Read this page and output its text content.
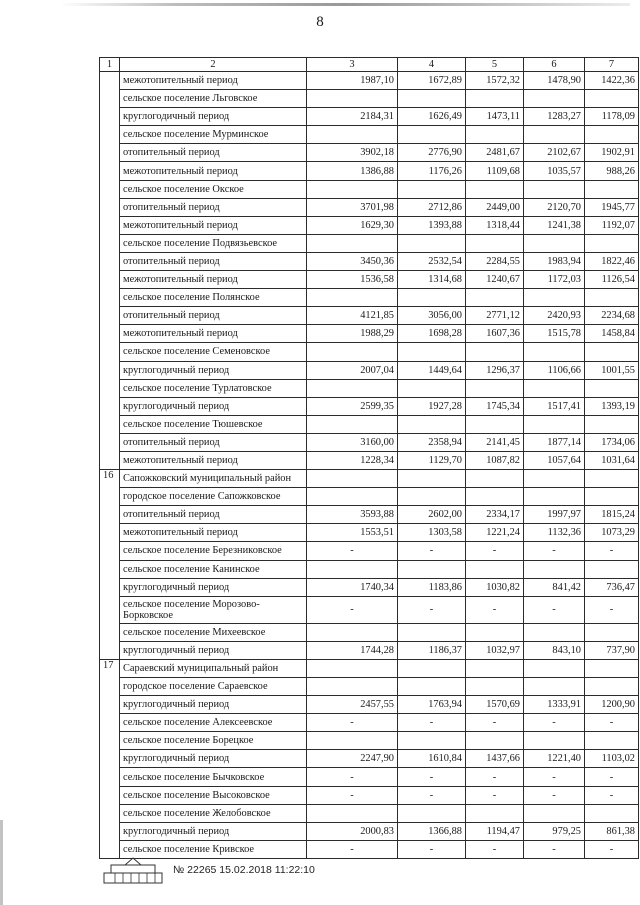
8
1	2	3	4	5	6	7
	межотопительный период	1987,10	1672,89	1572,32	1478,90	1422,36
	сельское поселение Льговское					
	круглогодичный период	2184,31	1626,49	1473,11	1283,27	1178,09
	сельское поселение Мурминское					
	отопительный период	3902,18	2776,90	2481,67	2102,67	1902,91
	межотопительный период	1386,88	1176,26	1109,68	1035,57	988,26
	сельское поселение Окское					
	отопительный период	3701,98	2712,86	2449,00	2120,70	1945,77
	межотопительный период	1629,30	1393,88	1318,44	1241,38	1192,07
	сельское поселение Подвязьевское					
	отопительный период	3450,36	2532,54	2284,55	1983,94	1822,46
	межотопительный период	1536,58	1314,68	1240,67	1172,03	1126,54
	сельское поселение Полянское					
	отопительный период	4121,85	3056,00	2771,12	2420,93	2234,68
	межотопительный период	1988,29	1698,28	1607,36	1515,78	1458,84
	сельское поселение Семеновское					
	круглогодичный период	2007,04	1449,64	1296,37	1106,66	1001,55
	сельское поселение Турлатовское					
	круглогодичный период	2599,35	1927,28	1745,34	1517,41	1393,19
	сельское поселение Тюшевское					
	отопительный период	3160,00	2358,94	2141,45	1877,14	1734,06
	межотопительный период	1228,34	1129,70	1087,82	1057,64	1031,64
16	Сапожковский муниципальный район					
	городское поселение Сапожковское					
	отопительный период	3593,88	2602,00	2334,17	1997,97	1815,24
	межотопительный период	1553,51	1303,58	1221,24	1132,36	1073,29
	сельское поселение Березниковское	-	-	-	-	-
	сельское поселение Канинское					
	круглогодичный период	1740,34	1183,86	1030,82	841,42	736,47
	сельское поселение Морозово-Борковское	-	-	-	-	-
	сельское поселение Михеевское					
	круглогодичный период	1744,28	1186,37	1032,97	843,10	737,90
17	Сараевский муниципальный район					
	городское поселение Сараевское					
	круглогодичный период	2457,55	1763,94	1570,69	1333,91	1200,90
	сельское поселение Алексеевское	-	-	-	-	-
	сельское поселение Борецкое					
	круглогодичный период	2247,90	1610,84	1437,66	1221,40	1103,02
	сельское поселение Бычковское	-	-	-	-	-
	сельское поселение Высоковское	-	-	-	-	-
	сельское поселение Желобовское					
	круглогодичный период	2000,83	1366,88	1194,47	979,25	861,38
	сельское поселение Кривское	-	-	-	-	-
№ 22265 15.02.2018 11:22:10
